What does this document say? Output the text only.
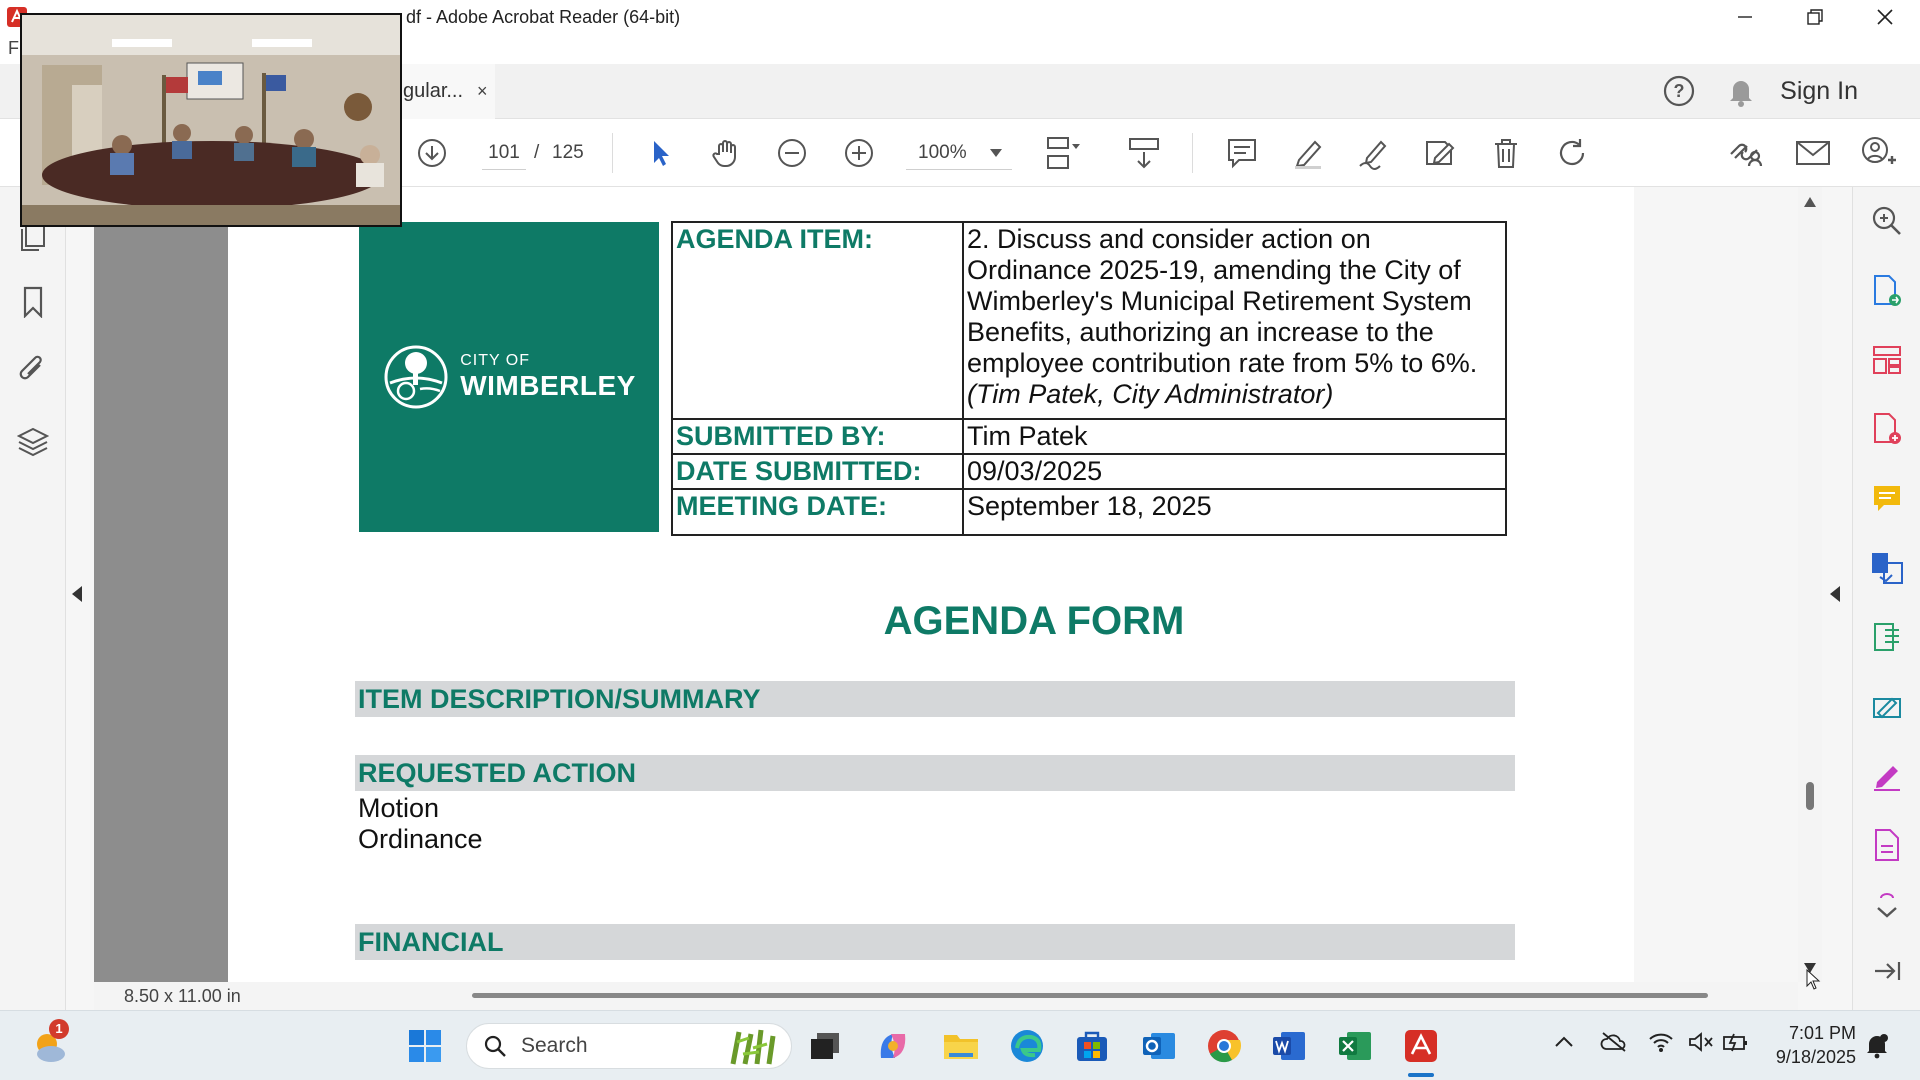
df - Adobe Acrobat Reader (64-bit)
F
gular... ×	?	Sign In
101 / 125	100%
CITY OF
WIMBERLEY
AGENDA ITEM:	2. Discuss and consider action on Ordinance 2025-19, amending the City of Wimberley's Municipal Retirement System Benefits, authorizing an increase to the employee contribution rate from 5% to 6%. (Tim Patek, City Administrator)
SUBMITTED BY:	Tim Patek
DATE SUBMITTED:	09/03/2025
MEETING DATE:	September 18, 2025
AGENDA FORM
ITEM DESCRIPTION/SUMMARY
REQUESTED ACTION
Motion
Ordinance
FINANCIAL
8.50 x 11.00 in
1
Search
7:01 PM
9/18/2025
